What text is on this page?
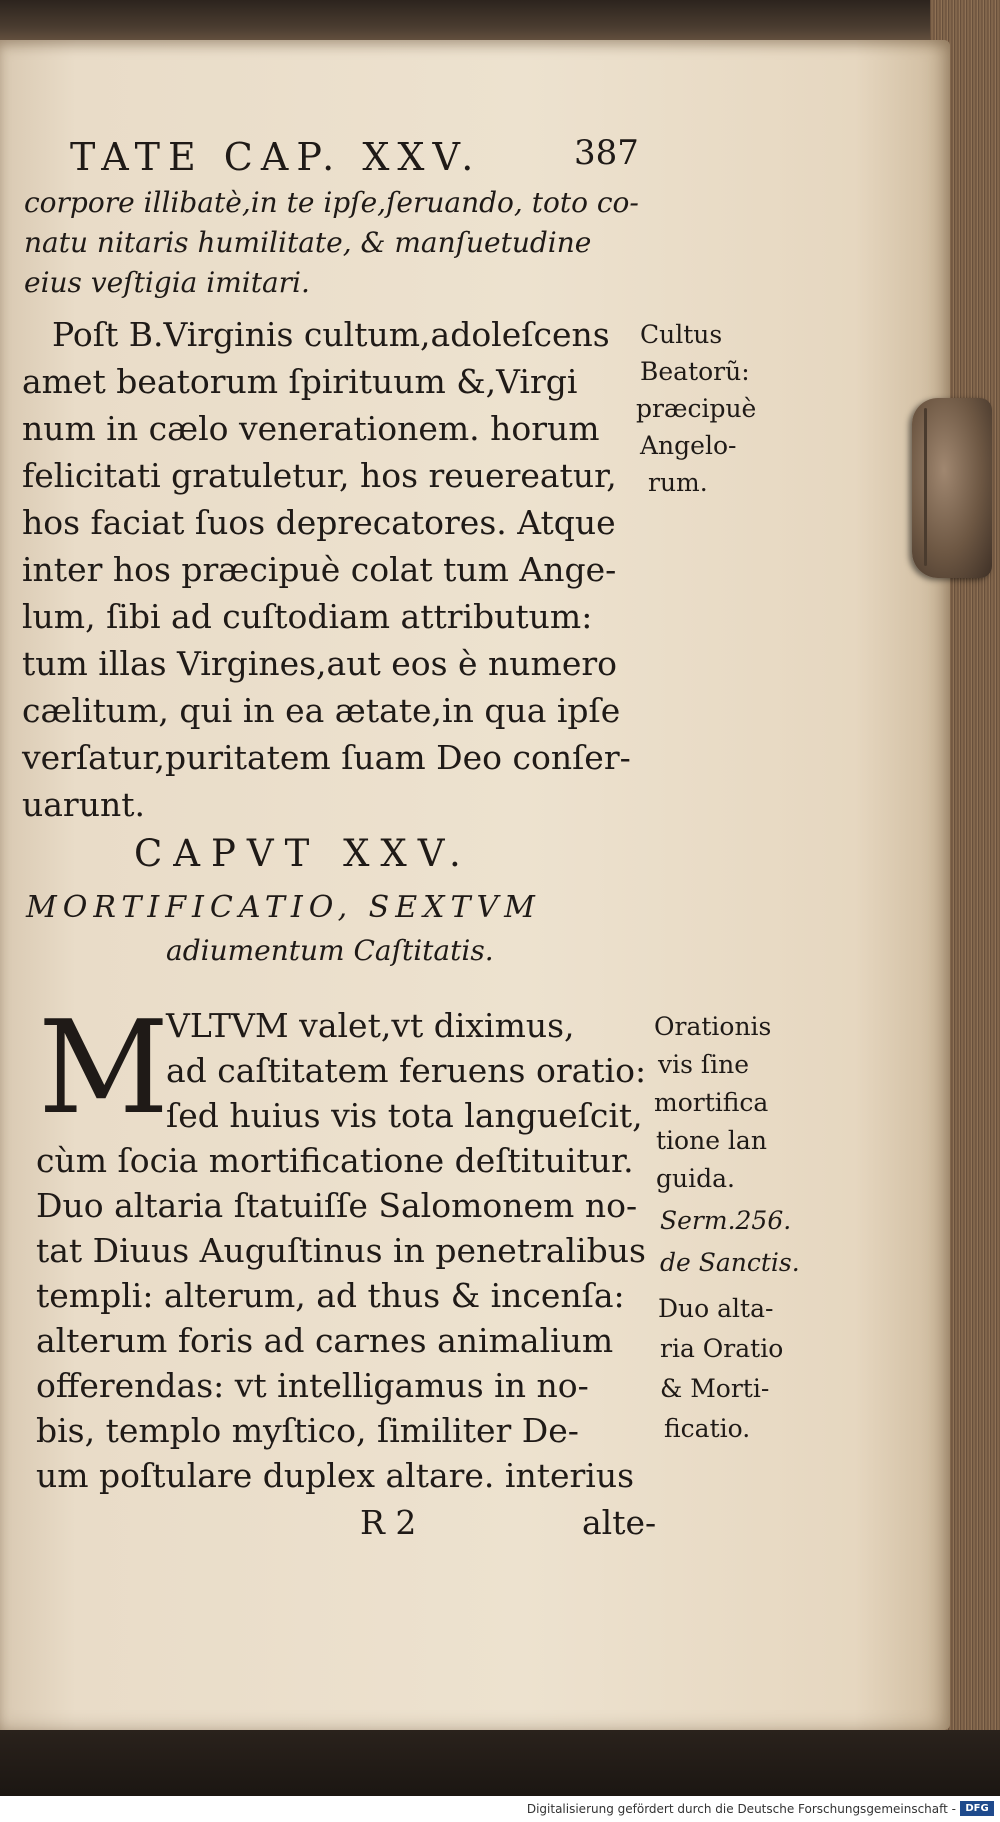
TATE CAP. XXV.	387
corpore illibatè,in te ipſe,ſeruando, toto co-
natu nitaris humilitate, & manſuetudine
eius veſtigia imitari.
Poſt B.Virginis cultum,adoleſcens
amet beatorum ſpirituum &,Virgi
num in cælo venerationem. horum
felicitati gratuletur, hos reuereatur,
hos faciat ſuos deprecatores. Atque
inter hos præcipuè colat tum Ange-
lum, ſibi ad cuſtodiam attributum:
tum illas Virgines,aut eos è numero
cælitum, qui in ea ætate,in qua ipſe
verſatur,puritatem ſuam Deo conſer-
uarunt.
Cultus
Beatorũ:
præcipuè
Angelo-
rum.
CAPVT XXV.
MORTIFICATIO, SEXTVM
adiumentum Caſtitatis.
M
VLTVM valet,vt diximus,
ad caſtitatem feruens oratio:
ſed huius vis tota langueſcit,
cùm ſocia mortificatione deſtituitur.
Duo altaria ſtatuiſſe Salomonem no-
tat Diuus Auguſtinus in penetralibus
templi: alterum, ad thus & incenſa:
alterum foris ad carnes animalium
offerendas: vt intelligamus in no-
bis, templo myſtico, ſimiliter De-
um poſtulare duplex altare. interius
Orationis
vis ſine
mortifica
tione lan
guida.
Serm.256.
de Sanctis.
Duo alta-
ria Oratio
& Morti-
ficatio.
R 2	alte-
Digitalisierung gefördert durch die Deutsche Forschungsgemeinschaft - DFG
